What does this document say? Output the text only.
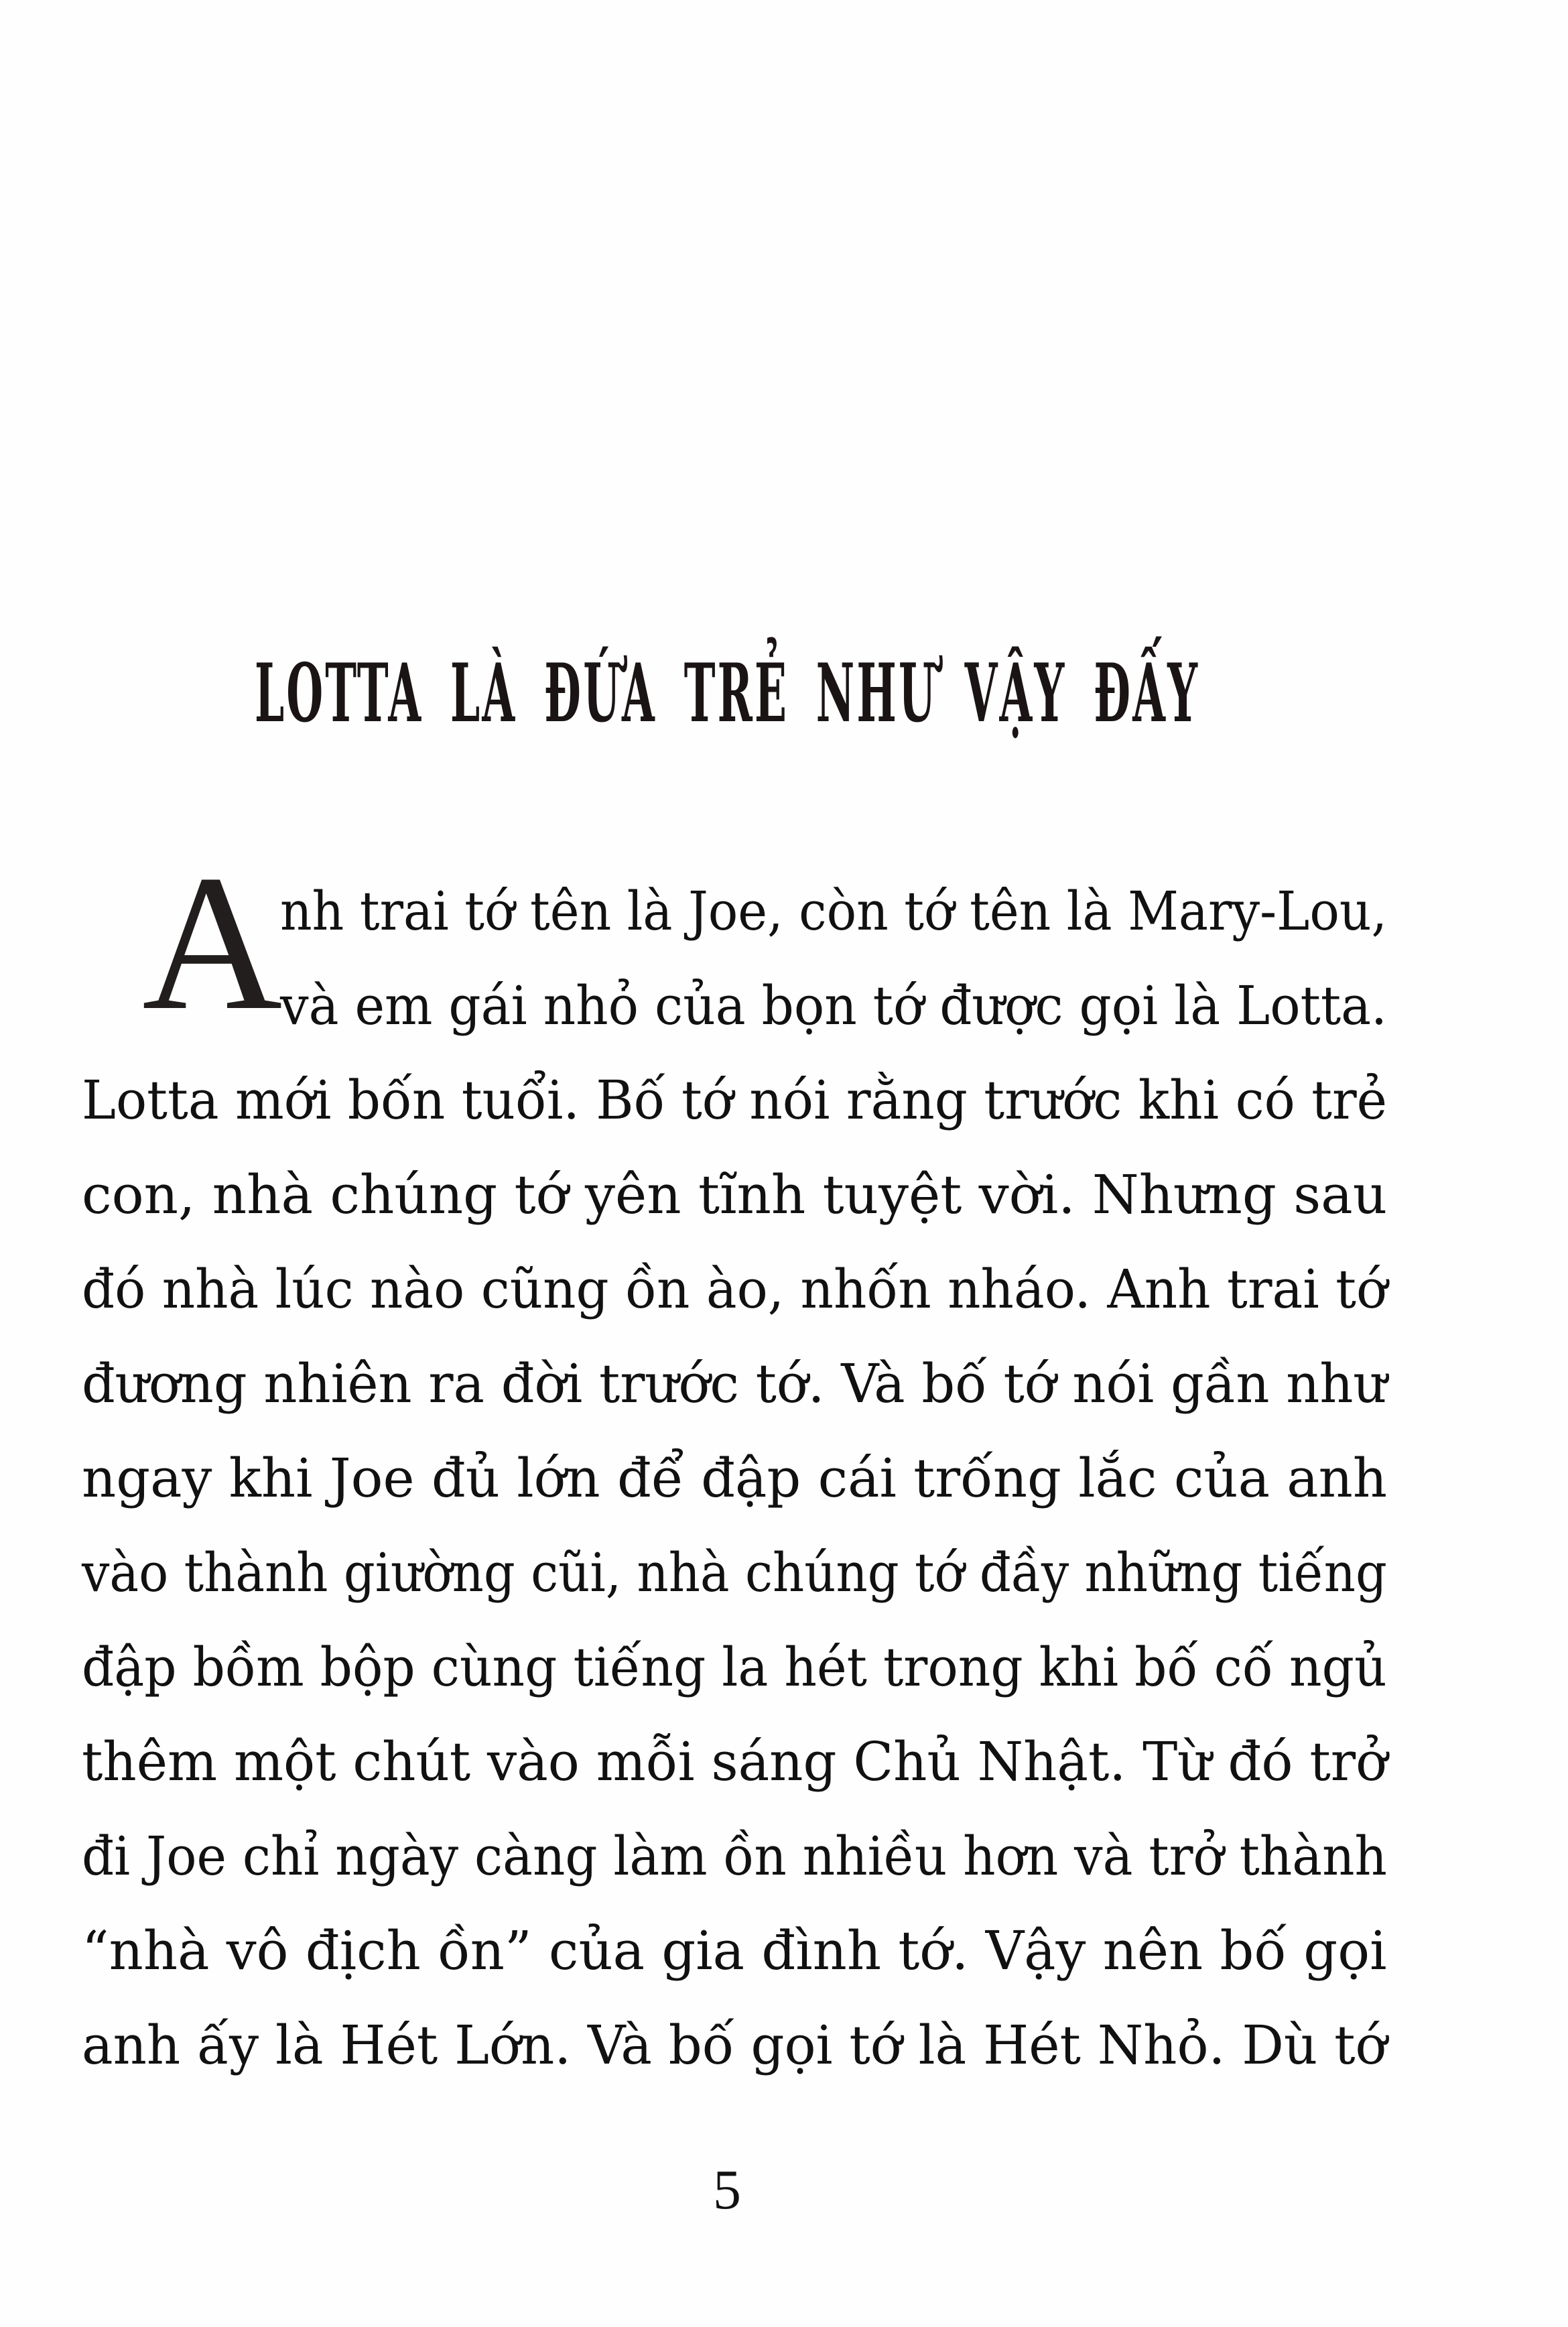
LOTTA LÀ ĐỨA TRẺ NHƯ VẬY ĐẤY
A
nh trai tớ tên là Joe, còn tớ tên là Mary-Lou,
và em gái nhỏ của bọn tớ được gọi là Lotta.
Lotta mới bốn tuổi. Bố tớ nói rằng trước khi có trẻ
con, nhà chúng tớ yên tĩnh tuyệt vời. Nhưng sau
đó nhà lúc nào cũng ồn ào, nhốn nháo. Anh trai tớ
đương nhiên ra đời trước tớ. Và bố tớ nói gần như
ngay khi Joe đủ lớn để đập cái trống lắc của anh
vào thành giường cũi, nhà chúng tớ đầy những tiếng
đập bồm bộp cùng tiếng la hét trong khi bố cố ngủ
thêm một chút vào mỗi sáng Chủ Nhật. Từ đó trở
đi Joe chỉ ngày càng làm ồn nhiều hơn và trở thành
“nhà vô địch ồn” của gia đình tớ. Vậy nên bố gọi
anh ấy là Hét Lớn. Và bố gọi tớ là Hét Nhỏ. Dù tớ
5
